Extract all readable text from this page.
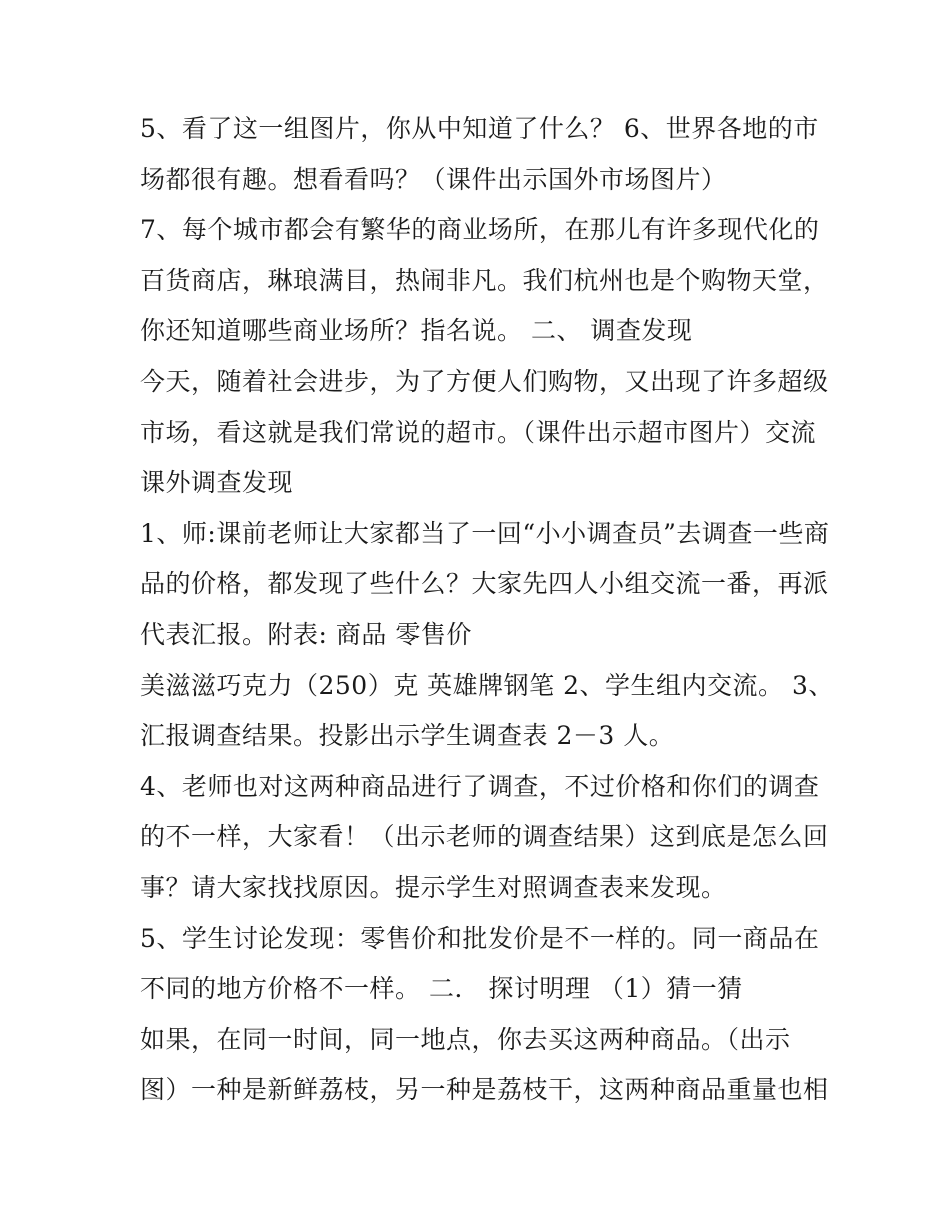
5、看了这一组图片，你从中知道了什么？ 6、世界各地的市
场都很有趣。想看看吗？（课件出示国外市场图片）
7、每个城市都会有繁华的商业场所，在那儿有许多现代化的
百货商店，琳琅满目，热闹非凡。我们杭州也是个购物天堂，
你还知道哪些商业场所？指名说。 二、 调查发现
今天，随着社会进步，为了方便人们购物，又出现了许多超级
市场，看这就是我们常说的超市。（课件出示超市图片）交流
课外调查发现
1、师:课前老师让大家都当了一回“小小调查员”去调查一些商
品的价格，都发现了些什么？大家先四人小组交流一番，再派
代表汇报。附表: 商品 零售价
美滋滋巧克力（250）克 英雄牌钢笔 2、学生组内交流。 3、
汇报调查结果。投影出示学生调查表 2－3 人。
4、老师也对这两种商品进行了调查，不过价格和你们的调查
的不一样，大家看！（出示老师的调查结果）这到底是怎么回
事？请大家找找原因。提示学生对照调查表来发现。
5、学生讨论发现：零售价和批发价是不一样的。同一商品在
不同的地方价格不一样。 二． 探讨明理 （1）猜一猜
如果，在同一时间，同一地点，你去买这两种商品。（出示
图）一种是新鲜荔枝，另一种是荔枝干，这两种商品重量也相
